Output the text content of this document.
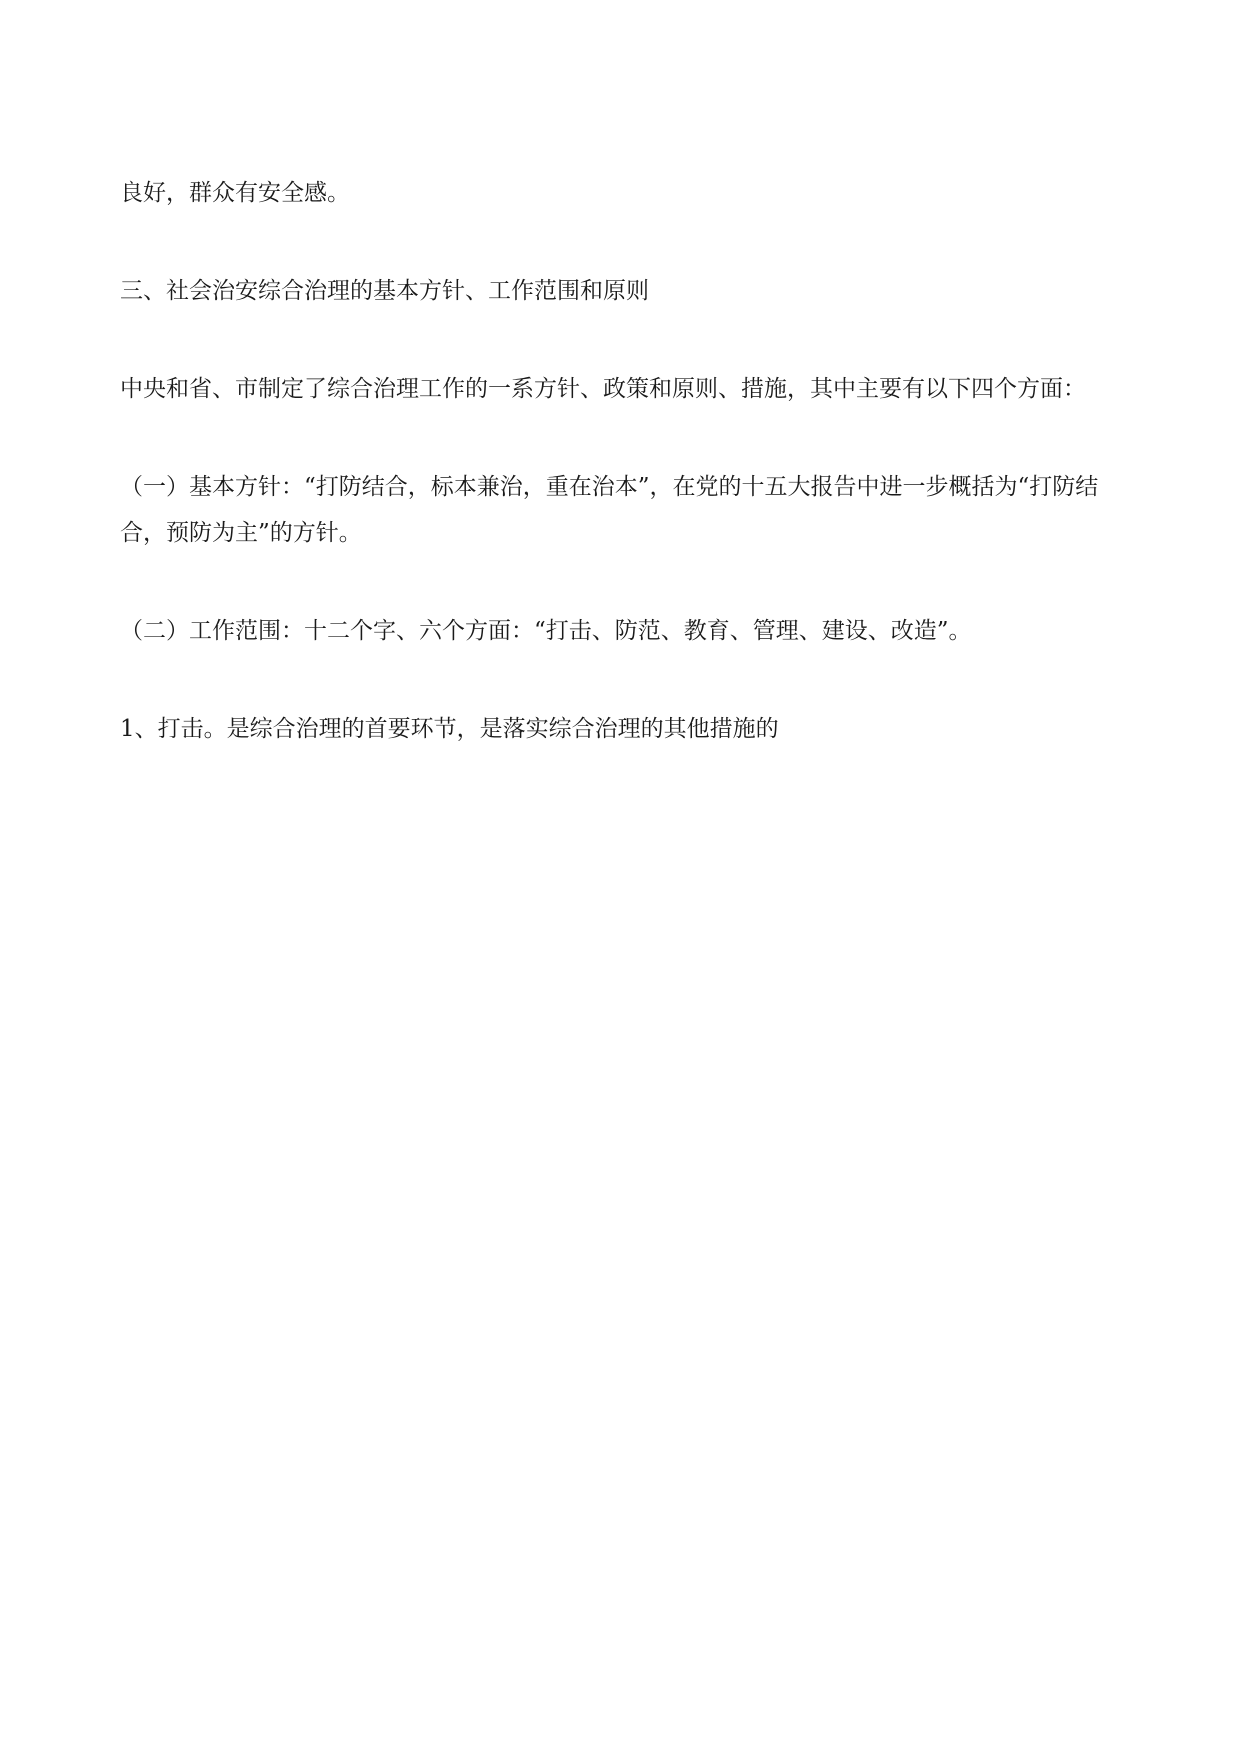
良好，群众有安全感。

三、社会治安综合治理的基本方针、工作范围和原则

中央和省、市制定了综合治理工作的一系方针、政策和原则、措施，其中主要有以下四个方面：

（一）基本方针：“打防结合，标本兼治，重在治本”，在党的十五大报告中进一步概括为“打防结合，预防为主”的方针。

（二）工作范围：十二个字、六个方面：“打击、防范、教育、管理、建设、改造”。

1、打击。是综合治理的首要环节，是落实综合治理的其他措施的
